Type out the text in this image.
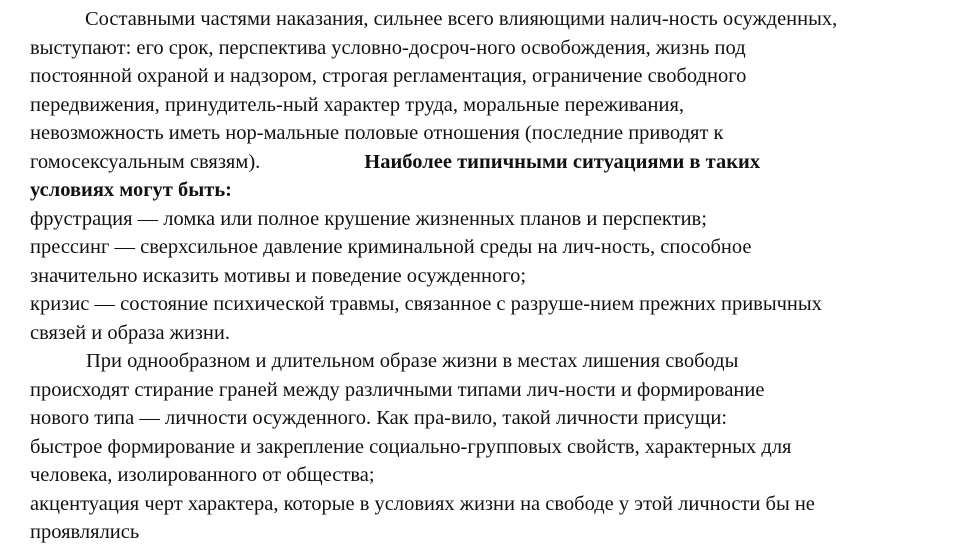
Составными частями наказания, сильнее всего влияющими налич-ность осужденных,
выступают: его срок, перспектива условно-досроч-ного освобождения, жизнь под
постоянной охраной и надзором, строгая регламентация, ограничение свободного
передвижения, принудитель-ный характер труда, моральные переживания,
невозможность иметь нор-мальные половые отношения (последние приводят к
гомосексуальным связям).	Наиболее типичными ситуациями в таких
условиях могут быть:
фрустрация — ломка или полное крушение жизненных планов и перспектив;
прессинг — сверхсильное давление криминальной среды на лич-ность, способное
значительно исказить мотивы и поведение осужденного;
кризис — состояние психической травмы, связанное с разруше-нием прежних привычных
связей и образа жизни.
При однообразном и длительном образе жизни в местах лишения свободы
происходят стирание граней между различными типами лич-ности и формирование
нового типа — личности осужденного. Как пра-вило, такой личности присущи:
быстрое формирование и закрепление социально-групповых свойств, характерных для
человека, изолированного от общества;
акцентуация черт характера, которые в условиях жизни на свободе у этой личности бы не
проявлялись
